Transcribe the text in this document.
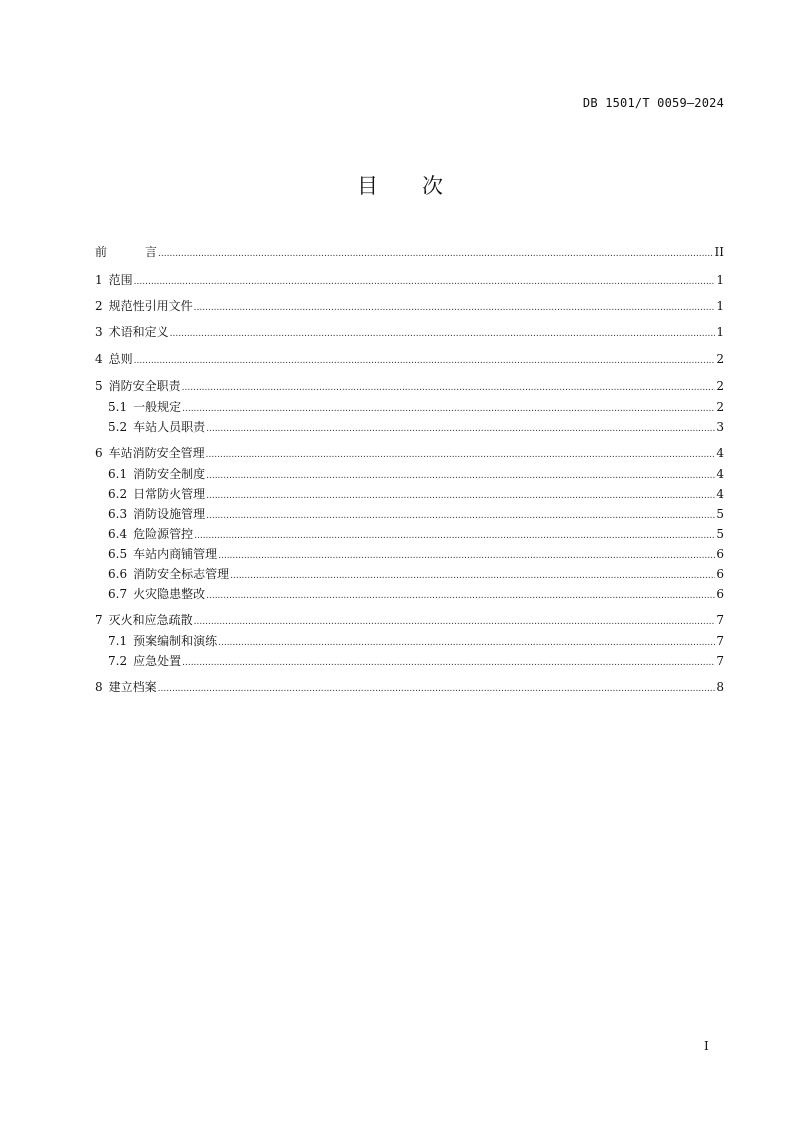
DB 1501/T 0059—2024
目 次
前	言 .....	II
1 范围 .....	1
2 规范性引用文件 .....	1
3 术语和定义 .....	1
4 总则 .....	2
5 消防安全职责 .....	2
5.1 一般规定 .....	2
5.2 车站人员职责 .....	3
6 车站消防安全管理 .....	4
6.1 消防安全制度 .....	4
6.2 日常防火管理 .....	4
6.3 消防设施管理 .....	5
6.4 危险源管控 .....	5
6.5 车站内商铺管理 .....	6
6.6 消防安全标志管理 .....	6
6.7 火灾隐患整改 .....	6
7 灭火和应急疏散 .....	7
7.1 预案编制和演练 .....	7
7.2 应急处置 .....	7
8 建立档案 .....	8
I
